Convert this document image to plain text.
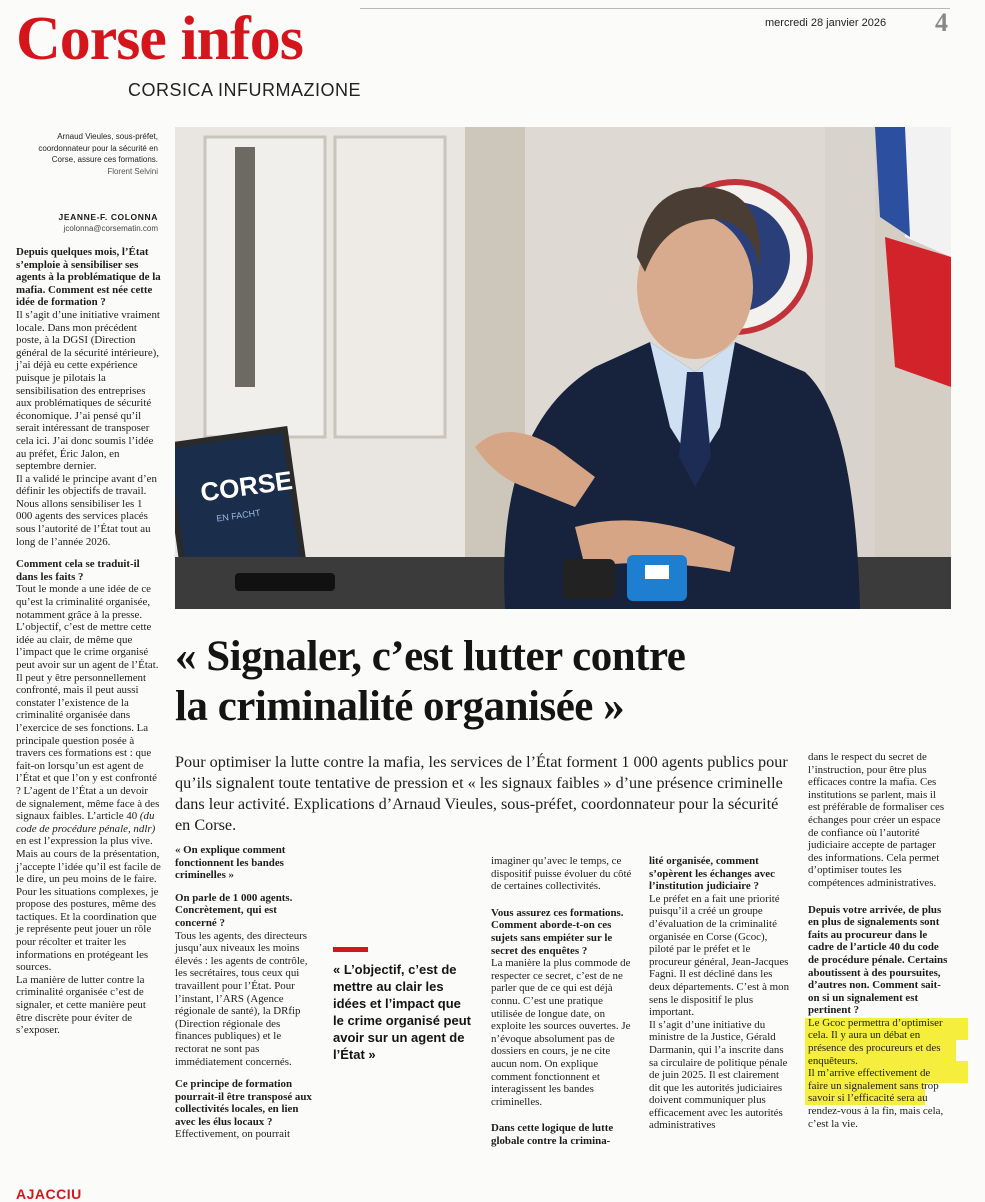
Corse infos
CORSICA INFURMAZIONE
mercredi 28 janvier 2026 4
CORSE
EN FACHT
Arnaud Vieules, sous-préfet, coordonnateur pour la sécurité en Corse, assure ces formations.
Florent Selvini
JEANNE-F. COLONNA
jcolonna@corsematin.com

Depuis quelques mois, l’État s’emploie à sensibiliser ses agents à la problématique de la mafia. Comment est née cette idée de formation ?

Il s’agit d’une initiative vraiment locale. Dans mon précédent poste, à la DGSI (Direction général de la sécurité intérieure), j’ai déjà eu cette expérience puisque je pilotais la sensibilisation des entreprises aux problématiques de sécurité économique. J’ai pensé qu’il serait intéressant de transposer cela ici. J’ai donc soumis l’idée au préfet, Éric Jalon, en septembre dernier.

Il a validé le principe avant d’en définir les objectifs de travail. Nous allons sensibiliser les 1 000 agents des services placés sous l’autorité de l’État tout au long de l’année 2026.

Comment cela se traduit-il dans les faits ?

Tout le monde a une idée de ce qu’est la criminalité organisée, notamment grâce à la presse. L’objectif, c’est de mettre cette idée au clair, de même que l’impact que le crime organisé peut avoir sur un agent de l’État.

Il peut y être personnellement confronté, mais il peut aussi constater l’existence de la criminalité organisée dans l’exercice de ses fonctions. La principale question posée à travers ces formations est : que fait-on lorsqu’un est agent de l’État et que l’on y est confronté ? L’agent de l’État a un devoir de signalement, même face à des signaux faibles. L’article 40 (du code de procédure pénale, ndlr) en est l’expression la plus vive. Mais au cours de la présentation, j’accepte l’idée qu’il est facile de le dire, un peu moins de le faire. Pour les situations complexes, je propose des postures, même des tactiques. Et la coordination que je représente peut jouer un rôle pour récolter et traiter les informations en protégeant les sources.

La manière de lutter contre la criminalité organisée c’est de signaler, et cette manière peut être discrète pour éviter de s’exposer.

« Signaler, c’est lutter contre
la criminalité organisée »
Pour optimiser la lutte contre la mafia, les services de l’État forment 1 000 agents publics pour qu’ils signalent toute tentative de pression et « les signaux faibles » d’une présence criminelle dans leur activité. Explications d’Arnaud Vieules, sous-préfet, coordonnateur pour la sécurité en Corse.

« On explique comment fonctionnent les bandes criminelles »

On parle de 1 000 agents. Concrètement, qui est concerné ?

Tous les agents, des directeurs jusqu’aux niveaux les moins élevés : les agents de contrôle, les secrétaires, tous ceux qui travaillent pour l’État. Pour l’instant, l’ARS (Agence régionale de santé), la DRfip (Direction régionale des finances publiques) et le rectorat ne sont pas immédiatement concernés.

Ce principe de formation pourrait-il être transposé aux collectivités locales, en lien avec les élus locaux ?

Effectivement, on pourrait

« L’objectif, c’est de mettre au clair les idées et l’impact que le crime organisé peut avoir sur un agent de l’État »

imaginer qu’avec le temps, ce dispositif puisse évoluer du côté de certaines collectivités.

Vous assurez ces formations. Comment aborde-t-on ces sujets sans empiéter sur le secret des enquêtes ?

La manière la plus commode de respecter ce secret, c’est de ne parler que de ce qui est déjà connu. C’est une pratique utilisée de longue date, on exploite les sources ouvertes. Je n’évoque absolument pas de dossiers en cours, je ne cite aucun nom. On explique comment fonctionnent et interagissent les bandes criminelles.

Dans cette logique de lutte globale contre la crimina-

lité organisée, comment s’opèrent les échanges avec l’institution judiciaire ?

Le préfet en a fait une priorité puisqu’il a créé un groupe d’évaluation de la criminalité organisée en Corse (Gcoc), piloté par le préfet et le procureur général, Jean-Jacques Fagni. Il est décliné dans les deux départements. C’est à mon sens le dispositif le plus important.

Il s’agit d’une initiative du ministre de la Justice, Gérald Darmanin, qui l’a inscrite dans sa circulaire de politique pénale de juin 2025. Il est clairement dit que les autorités judiciaires doivent communiquer plus efficacement avec les autorités administratives

dans le respect du secret de l’instruction, pour être plus efficaces contre la mafia. Ces institutions se parlent, mais il est préférable de formaliser ces échanges pour créer un espace de confiance où l’autorité judiciaire accepte de partager des informations. Cela permet d’optimiser toutes les compétences administratives.

Depuis votre arrivée, de plus en plus de signalements sont faits au procureur dans le cadre de l’article 40 du code de procédure pénale. Certains aboutissent à des poursuites, d’autres non. Comment sait-on si un signalement est pertinent ?

Le Gcoc permettra d’optimiser cela. Il y aura un débat en présence des procureurs et des enquêteurs.

Il m’arrive effectivement de faire un signalement sans trop savoir si l’efficacité sera au rendez-vous à la fin, mais cela, c’est la vie.

AJACCIU
